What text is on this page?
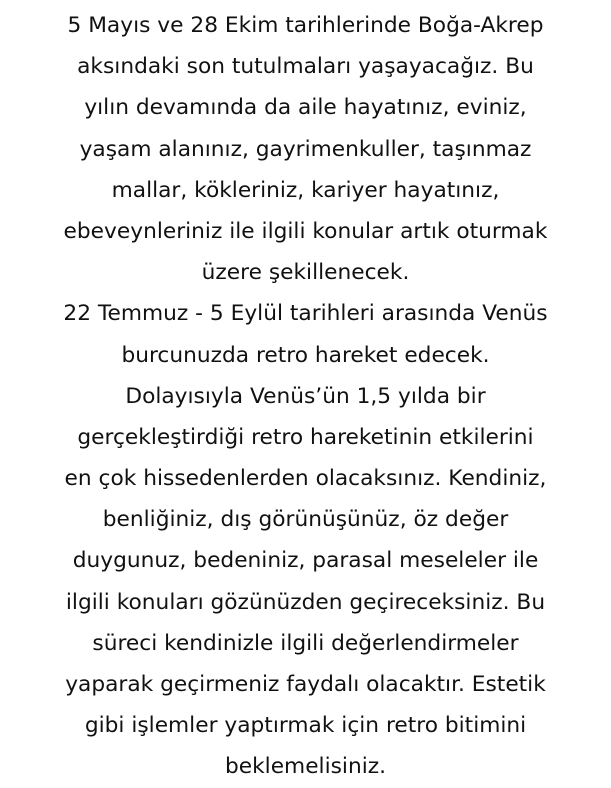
5 Mayıs ve 28 Ekim tarihlerinde Boğa-Akrep
aksındaki son tutulmaları yaşayacağız. Bu
yılın devamında da aile hayatınız, eviniz,
yaşam alanınız, gayrimenkuller, taşınmaz
mallar, kökleriniz, kariyer hayatınız,
ebeveynleriniz ile ilgili konular artık oturmak
üzere şekillenecek.
22 Temmuz - 5 Eylül tarihleri arasında Venüs
burcunuzda retro hareket edecek.
Dolayısıyla Venüs’ün 1,5 yılda bir
gerçekleştirdiği retro hareketinin etkilerini
en çok hissedenlerden olacaksınız. Kendiniz,
benliğiniz, dış görünüşünüz, öz değer
duygunuz, bedeniniz, parasal meseleler ile
ilgili konuları gözünüzden geçireceksiniz. Bu
süreci kendinizle ilgili değerlendirmeler
yaparak geçirmeniz faydalı olacaktır. Estetik
gibi işlemler yaptırmak için retro bitimini
beklemelisiniz.
